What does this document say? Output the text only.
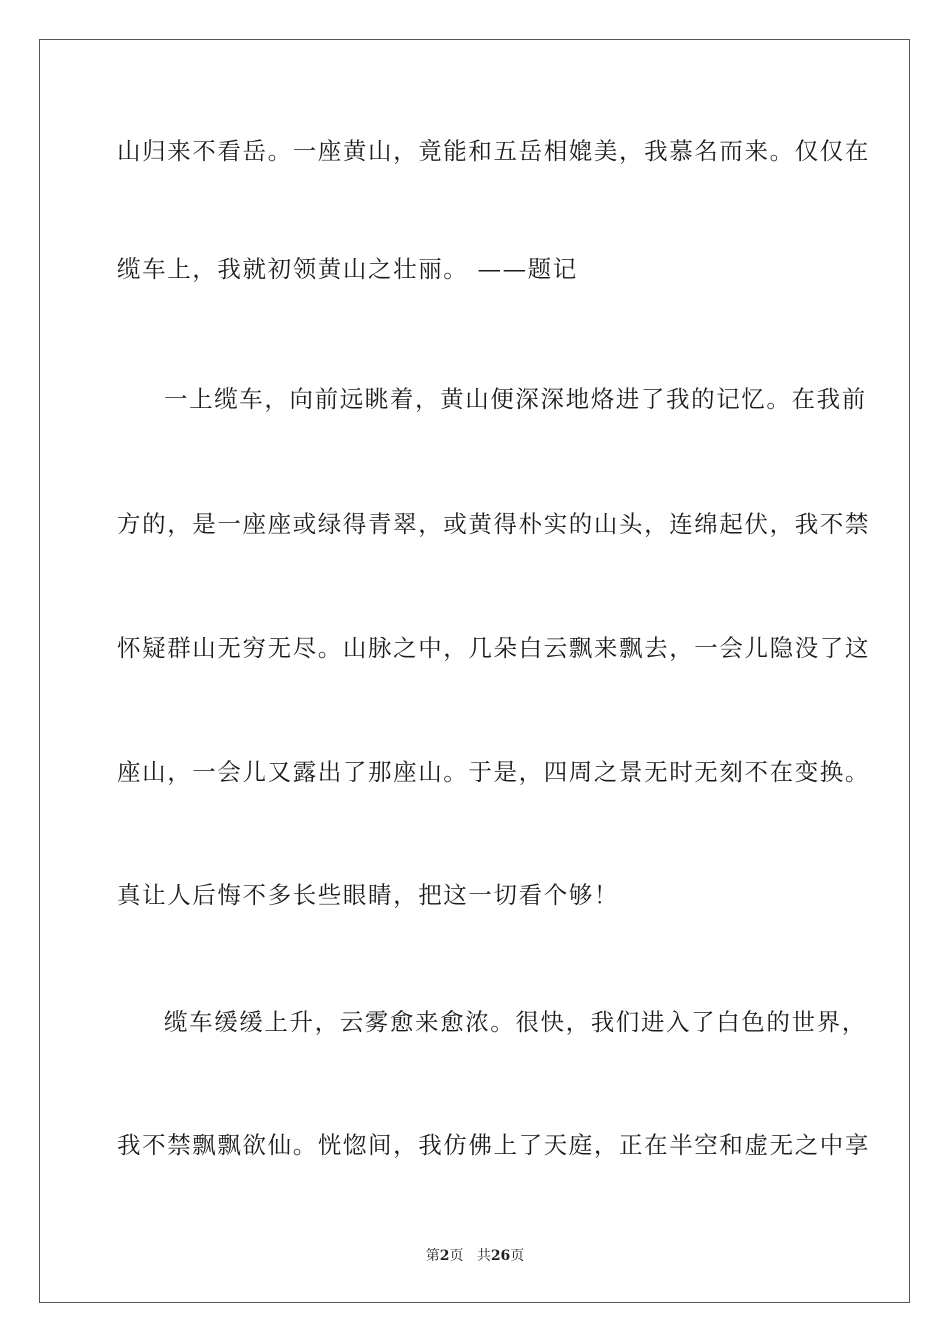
山归来不看岳。一座黄山，竟能和五岳相媲美，我慕名而来。仅仅在
缆车上，我就初领黄山之壮丽。 ——题记
一上缆车，向前远眺着，黄山便深深地烙进了我的记忆。在我前
方的，是一座座或绿得青翠，或黄得朴实的山头，连绵起伏，我不禁
怀疑群山无穷无尽。山脉之中，几朵白云飘来飘去，一会儿隐没了这
座山，一会儿又露出了那座山。于是，四周之景无时无刻不在变换。
真让人后悔不多长些眼睛，把这一切看个够！
缆车缓缓上升，云雾愈来愈浓。很快，我们进入了白色的世界，
我不禁飘飘欲仙。恍惚间，我仿佛上了天庭，正在半空和虚无之中享
第2页 共26页
